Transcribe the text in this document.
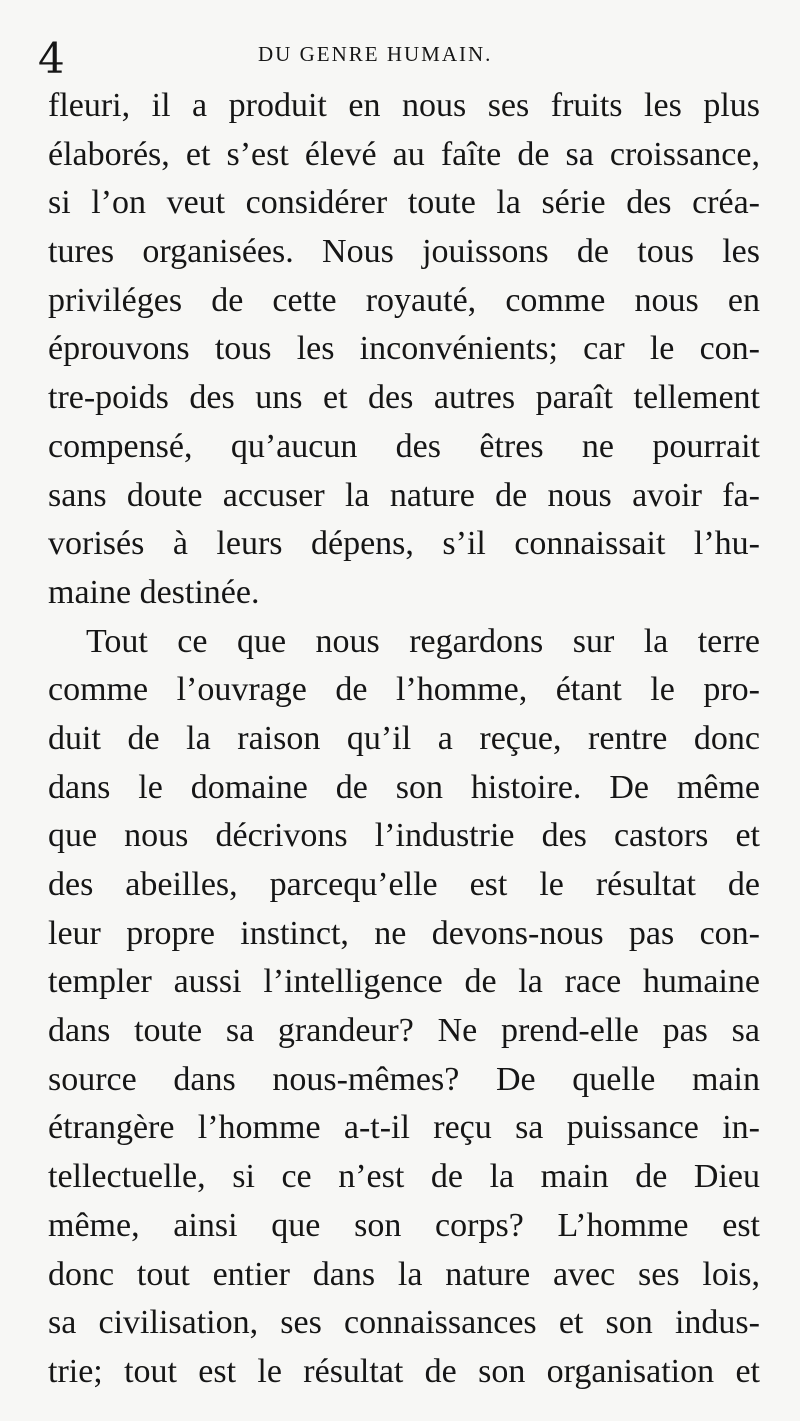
4	DU GENRE HUMAIN.
fleuri, il a produit en nous ses fruits les plus
élaborés, et s’est élevé au faîte de sa croissance,
si l’on veut considérer toute la série des créa-
tures organisées. Nous jouissons de tous les
priviléges de cette royauté, comme nous en
éprouvons tous les inconvénients; car le con-
tre-poids des uns et des autres paraît tellement
compensé, qu’aucun des êtres ne pourrait
sans doute accuser la nature de nous avoir fa-
vorisés à leurs dépens, s’il connaissait l’hu-
maine destinée.
Tout ce que nous regardons sur la terre
comme l’ouvrage de l’homme, étant le pro-
duit de la raison qu’il a reçue, rentre donc
dans le domaine de son histoire. De même
que nous décrivons l’industrie des castors et
des abeilles, parcequ’elle est le résultat de
leur propre instinct, ne devons-nous pas con-
templer aussi l’intelligence de la race humaine
dans toute sa grandeur? Ne prend-elle pas sa
source dans nous-mêmes? De quelle main
étrangère l’homme a-t-il reçu sa puissance in-
tellectuelle, si ce n’est de la main de Dieu
même, ainsi que son corps? L’homme est
donc tout entier dans la nature avec ses lois,
sa civilisation, ses connaissances et son indus-
trie; tout est le résultat de son organisation et
